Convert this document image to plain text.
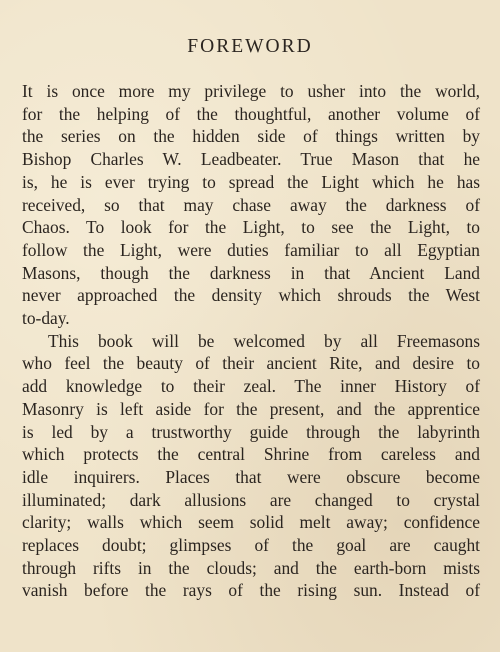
FOREWORD

It is once more my privilege to usher into the world,
for the helping of the thoughtful, another volume of
the series on the hidden side of things written by
Bishop Charles W. Leadbeater. True Mason that he
is, he is ever trying to spread the Light which he has
received, so that may chase away the darkness of
Chaos. To look for the Light, to see the Light, to
follow the Light, were duties familiar to all Egyptian
Masons, though the darkness in that Ancient Land
never approached the density which shrouds the West
to-day.

This book will be welcomed by all Freemasons
who feel the beauty of their ancient Rite, and desire to
add knowledge to their zeal. The inner History of
Masonry is left aside for the present, and the apprentice
is led by a trustworthy guide through the labyrinth
which protects the central Shrine from careless and
idle inquirers. Places that were obscure become
illuminated; dark allusions are changed to crystal
clarity; walls which seem solid melt away; confidence
replaces doubt; glimpses of the goal are caught
through rifts in the clouds; and the earth-born mists
vanish before the rays of the rising sun. Instead of
